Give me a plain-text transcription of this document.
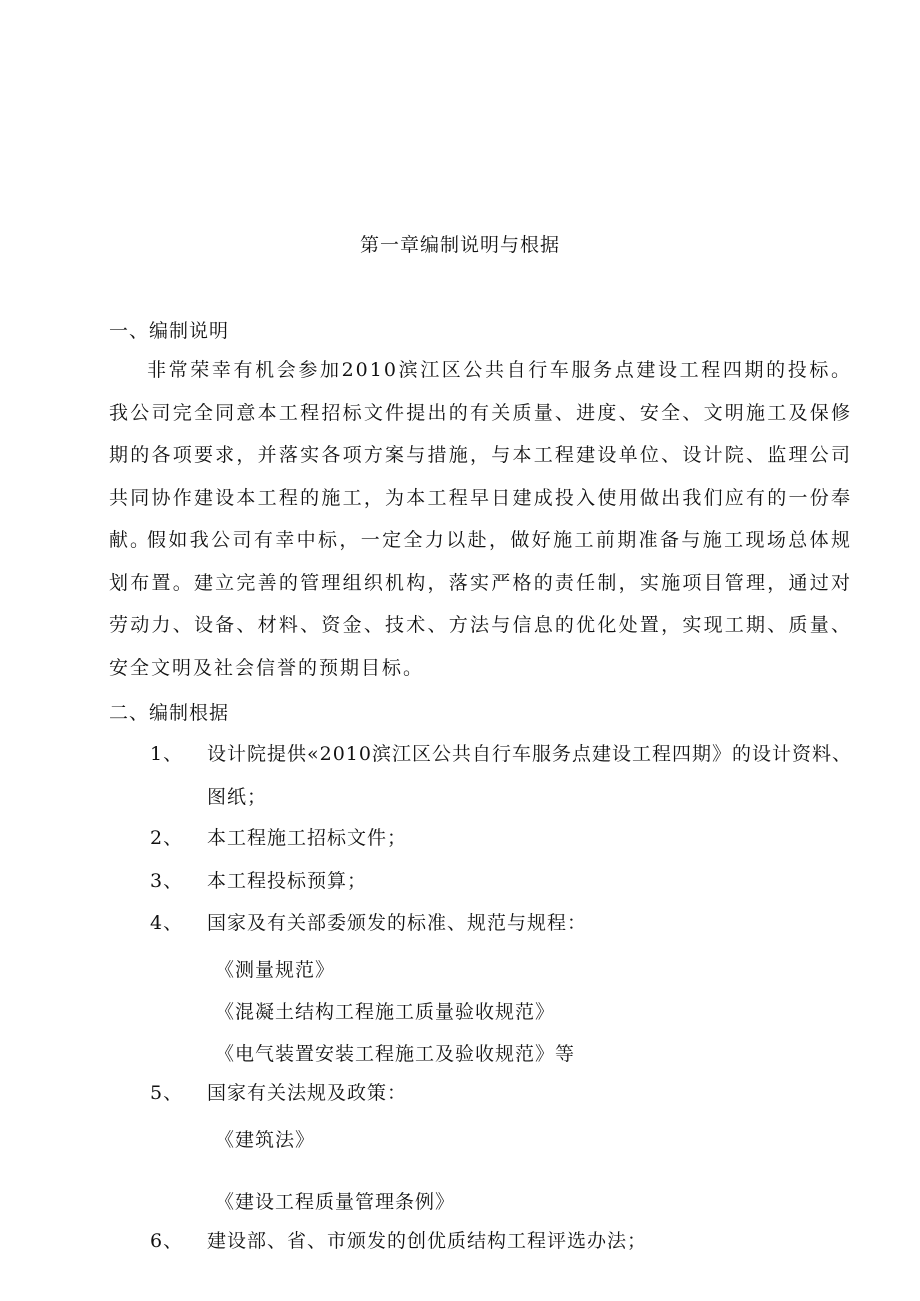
第一章编制说明与根据
一、编制说明

非常荣幸有机会参加2010滨江区公共自行车服务点建设工程四期的投标。我公司完全同意本工程招标文件提出的有关质量、进度、安全、文明施工及保修期的各项要求，并落实各项方案与措施，与本工程建设单位、设计院、监理公司共同协作建设本工程的施工，为本工程早日建成投入使用做出我们应有的一份奉献。

假如我公司有幸中标，一定全力以赴，做好施工前期准备与施工现场总体规划布置。建立完善的管理组织机构，落实严格的责任制，实施项目管理，通过对劳动力、设备、材料、资金、技术、方法与信息的优化处置，实现工期、质量、安全文明及社会信誉的预期目标。

二、编制根据
1、 设计院提供«2010滨江区公共自行车服务点建设工程四期》的设计资料、图纸；
2、 本工程施工招标文件；
3、 本工程投标预算；
4、 国家及有关部委颁发的标准、规范与规程：
《测量规范》
《混凝土结构工程施工质量验收规范》
《电气装置安装工程施工及验收规范》等
5、 国家有关法规及政策：
《建筑法》
《建设工程质量管理条例》
6、 建设部、省、市颁发的创优质结构工程评选办法；
